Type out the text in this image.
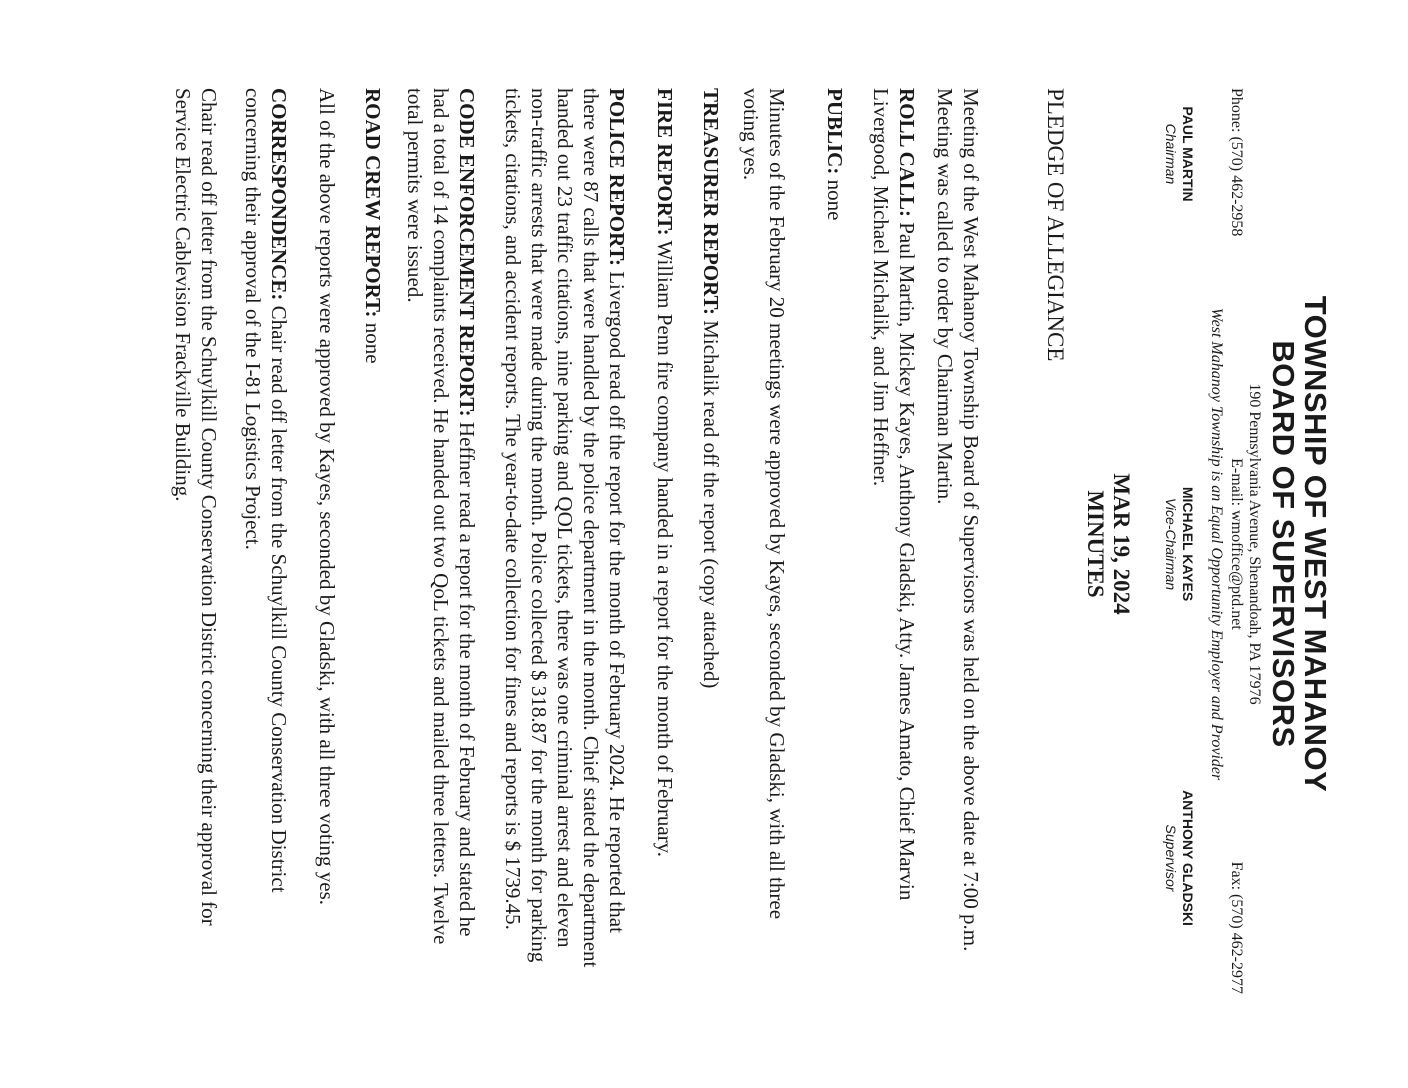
TOWNSHIP OF WEST MAHANOY
BOARD OF SUPERVISORS
190 Pennsylvania Avenue, Shenandoah, PA 17976
Phone: (570) 462-2958
E-mail: wmoffice@ptd.net
Fax: (570) 462-2977
West Mahanoy Township is an Equal Opportunity Employer and Provider
PAUL MARTIN
Chairman
MICHAEL KAYES
Vice-Chairman
ANTHONY GLADSKI
Supervisor
MAR 19, 2024
MINUTES
PLEDGE OF ALLEGIANCE
Meeting of the West Mahanoy Township Board of Supervisors was held on the above date at 7:00 p.m. Meeting was called to order by Chairman Martin.
ROLL CALL: Paul Martin, Mickey Kayes, Anthony Gladski, Atty. James Amato, Chief Marvin Livergood, Michael Michalik, and Jim Heffner.
PUBLIC: none
Minutes of the February 20 meetings were approved by Kayes, seconded by Gladski, with all three voting yes.
TREASURER REPORT: Michalik read off the report (copy attached)
FIRE REPORT: William Penn fire company handed in a report for the month of February.
POLICE REPORT: Livergood read off the report for the month of February 2024. He reported that there were 87 calls that were handled by the police department in the month. Chief stated the department handed out 23 traffic citations, nine parking and QOL tickets, there was one criminal arrest and eleven non-traffic arrests that were made during the month. Police collected $ 318.87 for the month for parking tickets, citations, and accident reports. The year-to-date collection for fines and reports is $ 1739.45.
CODE ENFORCEMENT REPORT: Heffner read a report for the month of February and stated he had a total of 14 complaints received. He handed out two QoL tickets and mailed three letters. Twelve total permits were issued.
ROAD CREW REPORT: none
All of the above reports were approved by Kayes, seconded by Gladski, with all three voting yes.
CORRESPONDENCE: Chair read off letter from the Schuylkill County Conservation District concerning their approval of the I-81 Logistics Project.
Chair read off letter from the Schuylkill County Conservation District concerning their approval for Service Electric Cablevision Frackville Building.
